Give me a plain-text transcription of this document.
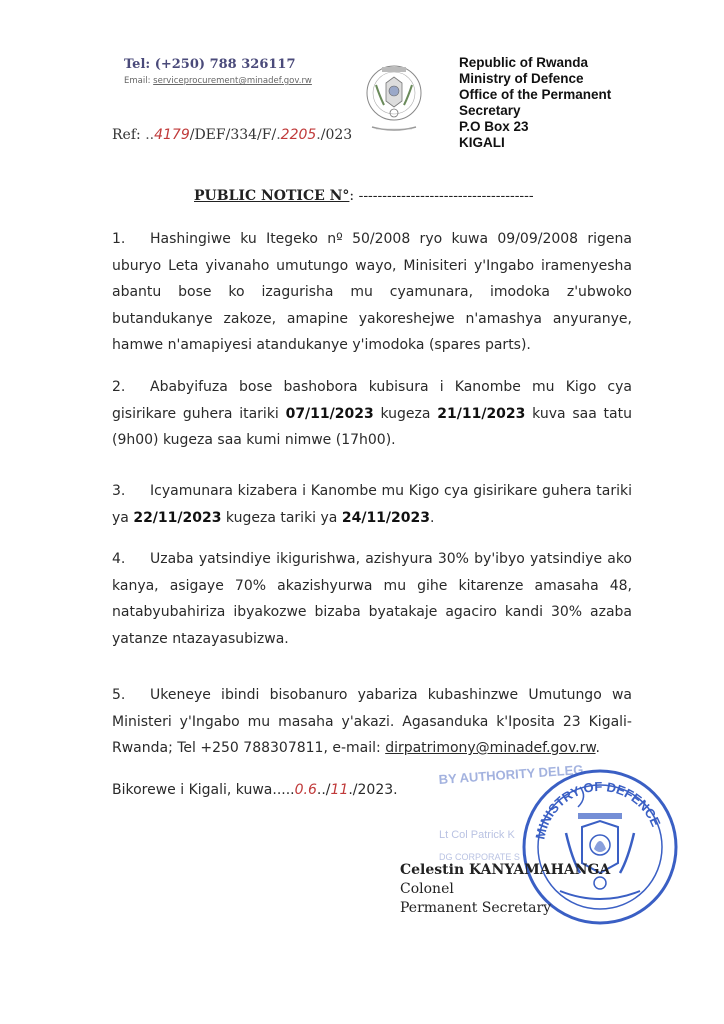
Tel: (+250) 788 326117
Email: serviceprocurement@minadef.gov.rw
Ref: ..4179/DEF/334/F/.2205./023
Republic of Rwanda
Ministry of Defence
Office of the Permanent
Secretary
P.O Box 23
KIGALI
PUBLIC NOTICE N°: -------------------------------------
1. Hashingiwe ku Itegeko nº 50/2008 ryo kuwa 09/09/2008 rigena uburyo Leta yivanaho umutungo wayo, Minisiteri y'Ingabo iramenyesha abantu bose ko izagurisha mu cyamunara, imodoka z'ubwoko butandukanye zakoze, amapine yakoreshejwe n'amashya anyuranye, hamwe n'amapiyesi atandukanye y'imodoka (spares parts).
2. Ababyifuza bose bashobora kubisura i Kanombe mu Kigo cya gisirikare guhera itariki 07/11/2023 kugeza 21/11/2023 kuva saa tatu (9h00) kugeza saa kumi nimwe (17h00).
3. Icyamunara kizabera i Kanombe mu Kigo cya gisirikare guhera tariki ya 22/11/2023 kugeza tariki ya 24/11/2023.
4. Uzaba yatsindiye ikigurishwa, azishyura 30% by'ibyo yatsindiye ako kanya, asigaye 70% akazishyurwa mu gihe kitarenze amasaha 48, natabyubahiriza ibyakozwe bizaba byatakaje agaciro kandi 30% azaba yatanze ntazayasubizwa.
5. Ukeneye ibindi bisobanuro yabariza kubashinzwe Umutungo wa Ministeri y'Ingabo mu masaha y'akazi. Agasanduka k'Iposita 23 Kigali-Rwanda; Tel +250 788307811, e-mail: dirpatrimony@minadef.gov.rw.
Bikorewe i Kigali, kuwa.....0.6../11./2023.
BY AUTHORITY DELEG
Lt Col Patrick K
DG CORPORATE S
MINISTRY OF DEFENCE
Celestin KANYAMAHANGA
Colonel
Permanent Secretary
